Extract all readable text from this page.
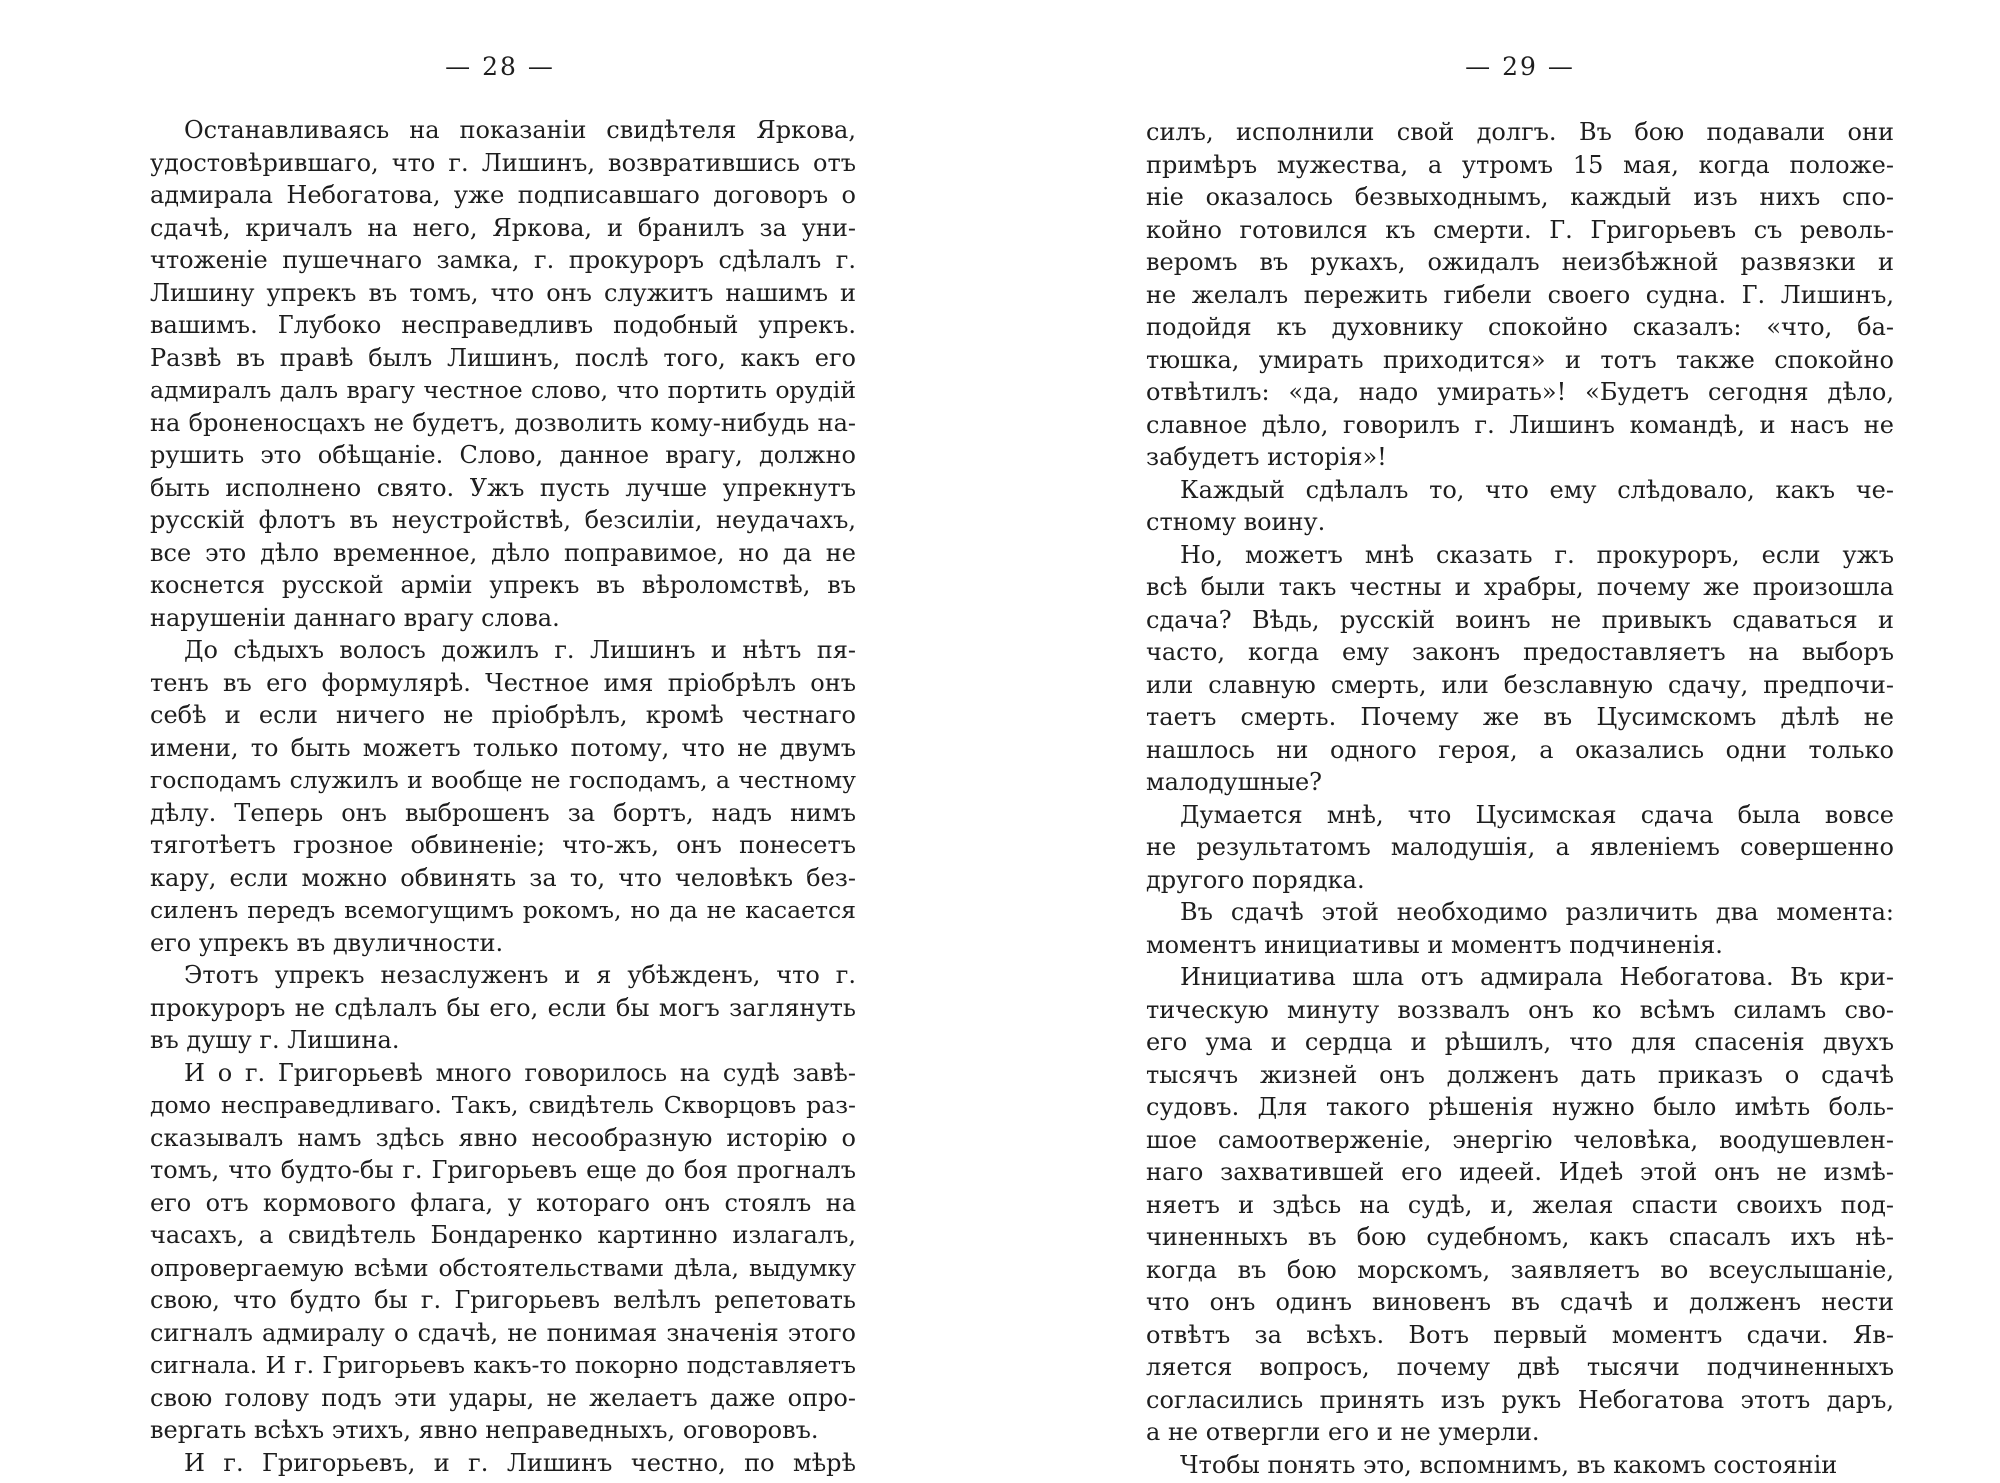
— 28 —
Останавливаясь на показаніи свидѣтеля Яркова,
удостовѣрившаго, что г. Лишинъ, возвратившись отъ
адмирала Небогатова, уже подписавшаго договоръ о
сдачѣ, кричалъ на него, Яркова, и бранилъ за уни-
чтоженіе пушечнаго замка, г. прокуроръ сдѣлалъ г.
Лишину упрекъ въ томъ, что онъ служитъ нашимъ и
вашимъ. Глубоко несправедливъ подобный упрекъ.
Развѣ въ правѣ былъ Лишинъ, послѣ того, какъ его
адмиралъ далъ врагу честное слово, что портить орудій
на броненосцахъ не будетъ, дозволить кому-нибудь на-
рушить это обѣщаніе. Слово, данное врагу, должно
быть исполнено свято. Ужъ пусть лучше упрекнутъ
русскій флотъ въ неустройствѣ, безсиліи, неудачахъ,
все это дѣло временное, дѣло поправимое, но да не
коснется русской арміи упрекъ въ вѣроломствѣ, въ
нарушеніи даннаго врагу слова.
До сѣдыхъ волосъ дожилъ г. Лишинъ и нѣтъ пя-
тенъ въ его формулярѣ. Честное имя пріобрѣлъ онъ
себѣ и если ничего не пріобрѣлъ, кромѣ честнаго
имени, то быть можетъ только потому, что не двумъ
господамъ служилъ и вообще не господамъ, а честному
дѣлу. Теперь онъ выброшенъ за бортъ, надъ нимъ
тяготѣетъ грозное обвиненіе; что-жъ, онъ понесетъ
кару, если можно обвинять за то, что человѣкъ без-
силенъ передъ всемогущимъ рокомъ, но да не касается
его упрекъ въ двуличности.
Этотъ упрекъ незаслуженъ и я убѣжденъ, что г.
прокуроръ не сдѣлалъ бы его, если бы могъ заглянуть
въ душу г. Лишина.
И о г. Григорьевѣ много говорилось на судѣ завѣ-
домо несправедливаго. Такъ, свидѣтель Скворцовъ раз-
сказывалъ намъ здѣсь явно несообразную исторію о
томъ, что будто-бы г. Григорьевъ еще до боя прогналъ
его отъ кормового флага, у котораго онъ стоялъ на
часахъ, а свидѣтель Бондаренко картинно излагалъ,
опровергаемую всѣми обстоятельствами дѣла, выдумку
свою, что будто бы г. Григорьевъ велѣлъ репетовать
сигналъ адмиралу о сдачѣ, не понимая значенія этого
сигнала. И г. Григорьевъ какъ-то покорно подставляетъ
свою голову подъ эти удары, не желаетъ даже опро-
вергать всѣхъ этихъ, явно неправедныхъ, оговоровъ.
И г. Григорьевъ, и г. Лишинъ честно, по мѣрѣ
— 29 —
силъ, исполнили свой долгъ. Въ бою подавали они
примѣръ мужества, а утромъ 15 мая, когда положе-
ніе оказалось безвыходнымъ, каждый изъ нихъ спо-
койно готовился къ смерти. Г. Григорьевъ съ револь-
веромъ въ рукахъ, ожидалъ неизбѣжной развязки и
не желалъ пережить гибели своего судна. Г. Лишинъ,
подойдя къ духовнику спокойно сказалъ: «что, ба-
тюшка, умирать приходится» и тотъ также спокойно
отвѣтилъ: «да, надо умирать»! «Будетъ сегодня дѣло,
славное дѣло, говорилъ г. Лишинъ командѣ, и насъ не
забудетъ исторія»!
Каждый сдѣлалъ то, что ему слѣдовало, какъ че-
стному воину.
Но, можетъ мнѣ сказать г. прокуроръ, если ужъ
всѣ были такъ честны и храбры, почему же произошла
сдача? Вѣдь, русскій воинъ не привыкъ сдаваться и
часто, когда ему законъ предоставляетъ на выборъ
или славную смерть, или безславную сдачу, предпочи-
таетъ смерть. Почему же въ Цусимскомъ дѣлѣ не
нашлось ни одного героя, а оказались одни только
малодушные?
Думается мнѣ, что Цусимская сдача была вовсе
не результатомъ малодушія, а явленіемъ совершенно
другого порядка.
Въ сдачѣ этой необходимо различить два момента:
моментъ инициативы и моментъ подчиненія.
Инициатива шла отъ адмирала Небогатова. Въ кри-
тическую минуту воззвалъ онъ ко всѣмъ силамъ сво-
его ума и сердца и рѣшилъ, что для спасенія двухъ
тысячъ жизней онъ долженъ дать приказъ о сдачѣ
судовъ. Для такого рѣшенія нужно было имѣть боль-
шое самоотверженіе, энергію человѣка, воодушевлен-
наго захватившей его идеей. Идеѣ этой онъ не измѣ-
няетъ и здѣсь на судѣ, и, желая спасти своихъ под-
чиненныхъ въ бою судебномъ, какъ спасалъ ихъ нѣ-
когда въ бою морскомъ, заявляетъ во всеуслышаніе,
что онъ одинъ виновенъ въ сдачѣ и долженъ нести
отвѣтъ за всѣхъ. Вотъ первый моментъ сдачи. Яв-
ляется вопросъ, почему двѣ тысячи подчиненныхъ
согласились принять изъ рукъ Небогатова этотъ даръ,
а не отвергли его и не умерли.
Чтобы понять это, вспомнимъ, въ какомъ состояніи
